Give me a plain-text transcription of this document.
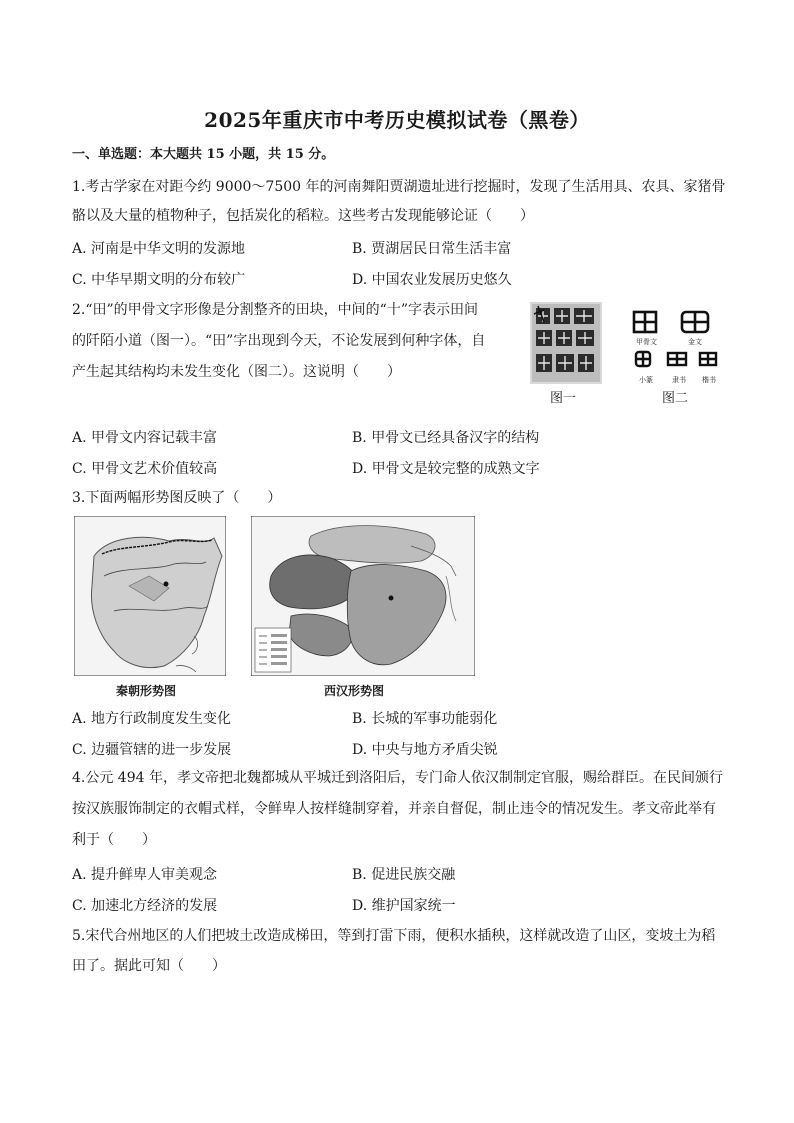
2025年重庆市中考历史模拟试卷（黑卷）
一、单选题：本大题共 15 小题，共 15 分。
1.考古学家在对距今约 9000～7500 年的河南舞阳贾湖遗址进行挖掘时，发现了生活用具、农具、家猪骨
骼以及大量的植物种子，包括炭化的稻粒。这些考古发现能够论证（　　）
A. 河南是中华文明的发源地	B. 贾湖居民日常生活丰富
C. 中华早期文明的分布较广	D. 中国农业发展历史悠久
2.“田”的甲骨文字形像是分割整齐的田块，中间的“十”字表示田间
的阡陌小道（图一）。“田”字出现到今天，不论发展到何种字体，自
产生起其结构均未发生变化（图二）。这说明（　　）
图一
甲骨文	金文
小篆	隶书 楷书
图二
A. 甲骨文内容记载丰富	B. 甲骨文已经具备汉字的结构
C. 甲骨文艺术价值较高	D. 甲骨文是较完整的成熟文字
3.下面两幅形势图反映了（　　）
秦朝形势图	西汉形势图
A. 地方行政制度发生变化	B. 长城的军事功能弱化
C. 边疆管辖的进一步发展	D. 中央与地方矛盾尖锐
4.公元 494 年，孝文帝把北魏都城从平城迁到洛阳后，专门命人依汉制制定官服，赐给群臣。在民间颁行
按汉族服饰制定的衣帽式样，令鲜卑人按样缝制穿着，并亲自督促，制止违令的情况发生。孝文帝此举有
利于（　　）
A. 提升鲜卑人审美观念	B. 促进民族交融
C. 加速北方经济的发展	D. 维护国家统一
5.宋代合州地区的人们把坡土改造成梯田，等到打雷下雨，便积水插秧，这样就改造了山区，变坡土为稻
田了。据此可知（　　）
